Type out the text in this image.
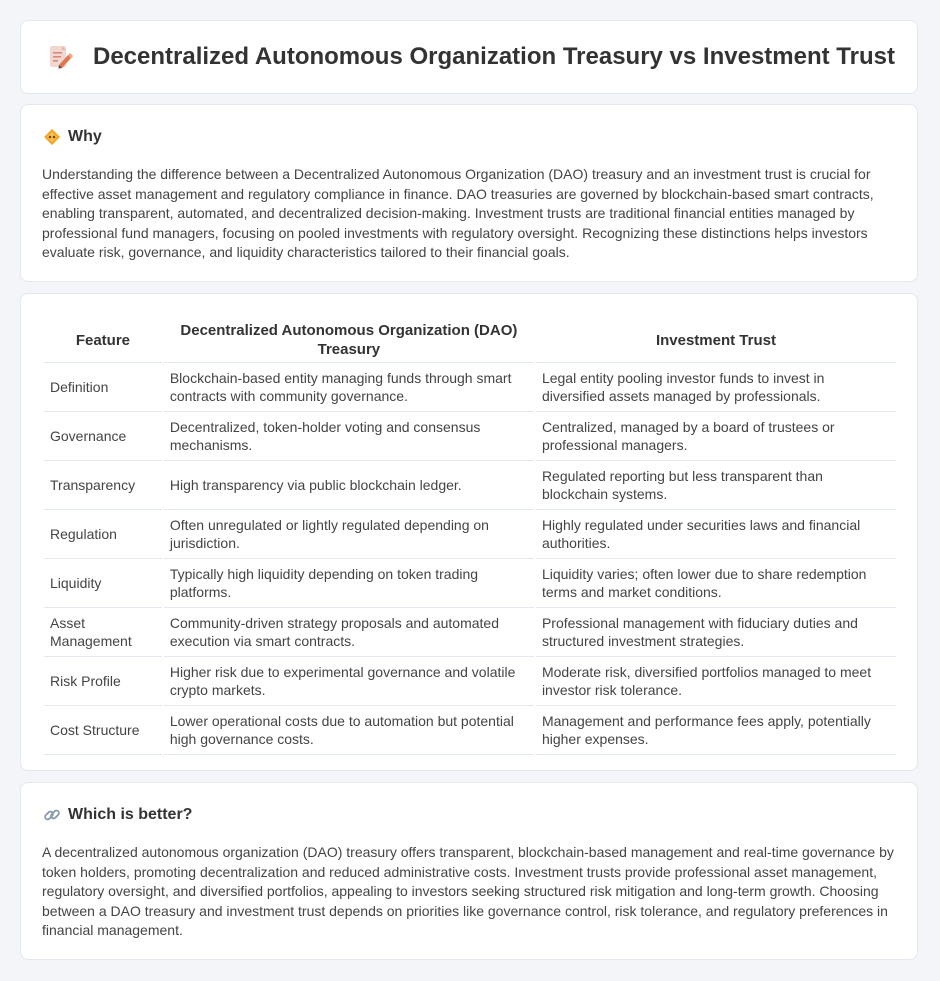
Decentralized Autonomous Organization Treasury vs Investment Trust
Why

Understanding the difference between a Decentralized Autonomous Organization (DAO) treasury and an investment trust is crucial for effective asset management and regulatory compliance in finance. DAO treasuries are governed by blockchain-based smart contracts, enabling transparent, automated, and decentralized decision-making. Investment trusts are traditional financial entities managed by professional fund managers, focusing on pooled investments with regulatory oversight. Recognizing these distinctions helps investors evaluate risk, governance, and liquidity characteristics tailored to their financial goals.

Feature	Decentralized Autonomous Organization (DAO) Treasury	Investment Trust
Definition	Blockchain-based entity managing funds through smart contracts with community governance.	Legal entity pooling investor funds to invest in diversified assets managed by professionals.
Governance	Decentralized, token-holder voting and consensus mechanisms.	Centralized, managed by a board of trustees or professional managers.
Transparency	High transparency via public blockchain ledger.	Regulated reporting but less transparent than blockchain systems.
Regulation	Often unregulated or lightly regulated depending on jurisdiction.	Highly regulated under securities laws and financial authorities.
Liquidity	Typically high liquidity depending on token trading platforms.	Liquidity varies; often lower due to share redemption terms and market conditions.
Asset Management	Community-driven strategy proposals and automated execution via smart contracts.	Professional management with fiduciary duties and structured investment strategies.
Risk Profile	Higher risk due to experimental governance and volatile crypto markets.	Moderate risk, diversified portfolios managed to meet investor risk tolerance.
Cost Structure	Lower operational costs due to automation but potential high governance costs.	Management and performance fees apply, potentially higher expenses.
Which is better?

A decentralized autonomous organization (DAO) treasury offers transparent, blockchain-based management and real-time governance by token holders, promoting decentralization and reduced administrative costs. Investment trusts provide professional asset management, regulatory oversight, and diversified portfolios, appealing to investors seeking structured risk mitigation and long-term growth. Choosing between a DAO treasury and investment trust depends on priorities like governance control, risk tolerance, and regulatory preferences in financial management.
